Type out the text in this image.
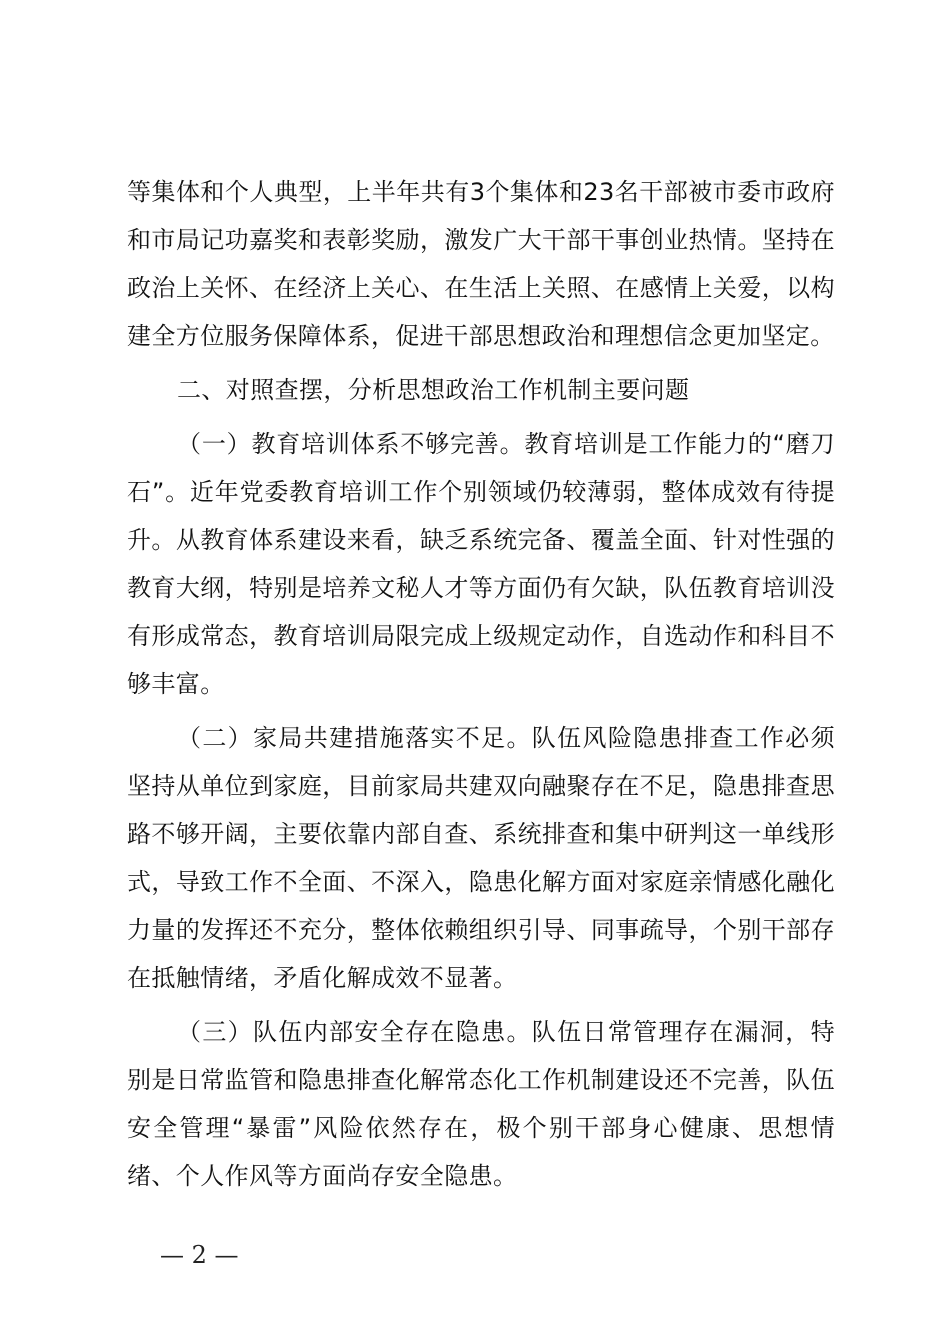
等集体和个人典型，上半年共有3个集体和23名干部被市委市政府和市局记功嘉奖和表彰奖励，激发广大干部干事创业热情。坚持在政治上关怀、在经济上关心、在生活上关照、在感情上关爱，以构建全方位服务保障体系，促进干部思想政治和理想信念更加坚定。

二、对照查摆，分析思想政治工作机制主要问题

（一）教育培训体系不够完善。教育培训是工作能力的“磨刀石”。近年党委教育培训工作个别领域仍较薄弱，整体成效有待提升。从教育体系建设来看，缺乏系统完备、覆盖全面、针对性强的教育大纲，特别是培养文秘人才等方面仍有欠缺，队伍教育培训没有形成常态，教育培训局限完成上级规定动作，自选动作和科目不够丰富。

（二）家局共建措施落实不足。队伍风险隐患排查工作必须坚持从单位到家庭，目前家局共建双向融聚存在不足，隐患排查思路不够开阔，主要依靠内部自查、系统排查和集中研判这一单线形式，导致工作不全面、不深入，隐患化解方面对家庭亲情感化融化力量的发挥还不充分，整体依赖组织引导、同事疏导，个别干部存在抵触情绪，矛盾化解成效不显著。

（三）队伍内部安全存在隐患。队伍日常管理存在漏洞，特别是日常监管和隐患排查化解常态化工作机制建设还不完善，队伍安全管理“暴雷”风险依然存在，极个别干部身心健康、思想情绪、个人作风等方面尚存安全隐患。

— 2 —
